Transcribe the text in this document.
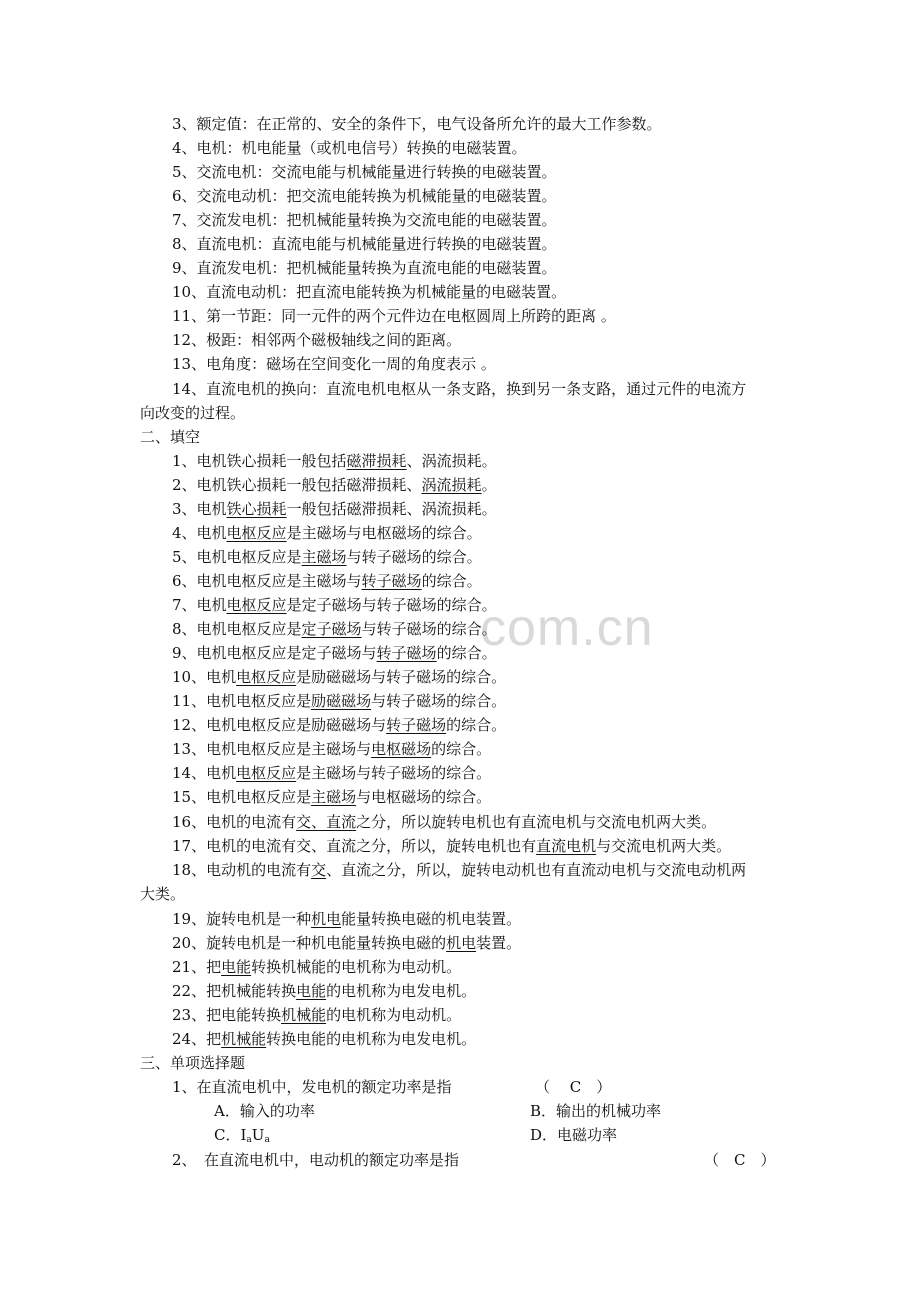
com.cn
3、额定值：在正常的、安全的条件下，电气设备所允许的最大工作参数。
4、电机：机电能量（或机电信号）转换的电磁装置。
5、交流电机：交流电能与机械能量进行转换的电磁装置。
6、交流电动机：把交流电能转换为机械能量的电磁装置。
7、交流发电机：把机械能量转换为交流电能的电磁装置。
8、直流电机：直流电能与机械能量进行转换的电磁装置。
9、直流发电机：把机械能量转换为直流电能的电磁装置。
10、直流电动机：把直流电能转换为机械能量的电磁装置。
11、第一节距：同一元件的两个元件边在电枢圆周上所跨的距离 。
12、极距：相邻两个磁极轴线之间的距离。
13、电角度：磁场在空间变化一周的角度表示 。
14、直流电机的换向：直流电机电枢从一条支路，换到另一条支路，通过元件的电流方
向改变的过程。
二、填空
1、电机铁心损耗一般包括磁滞损耗、涡流损耗。
2、电机铁心损耗一般包括磁滞损耗、涡流损耗。
3、电机铁心损耗一般包括磁滞损耗、涡流损耗。
4、电机电枢反应是主磁场与电枢磁场的综合。
5、电机电枢反应是主磁场与转子磁场的综合。
6、电机电枢反应是主磁场与转子磁场的综合。
7、电机电枢反应是定子磁场与转子磁场的综合。
8、电机电枢反应是定子磁场与转子磁场的综合。
9、电机电枢反应是定子磁场与转子磁场的综合。
10、电机电枢反应是励磁磁场与转子磁场的综合。
11、电机电枢反应是励磁磁场与转子磁场的综合。
12、电机电枢反应是励磁磁场与转子磁场的综合。
13、电机电枢反应是主磁场与电枢磁场的综合。
14、电机电枢反应是主磁场与转子磁场的综合。
15、电机电枢反应是主磁场与电枢磁场的综合。
16、电机的电流有交、直流之分，所以旋转电机也有直流电机与交流电机两大类。
17、电机的电流有交、直流之分，所以，旋转电机也有直流电机与交流电机两大类。
18、电动机的电流有交、直流之分，所以，旋转电动机也有直流动电机与交流电动机两
大类。
19、旋转电机是一种机电能量转换电磁的机电装置。
20、旋转电机是一种机电能量转换电磁的机电装置。
21、把电能转换机械能的电机称为电动机。
22、把机械能转换电能的电机称为电发电机。
23、把电能转换机械能的电机称为电动机。
24、把机械能转换电能的电机称为电发电机。
三、单项选择题
1、在直流电机中，发电机的额定功率是指	（　 C　）
A．输入的功率	B．输出的机械功率
C．$I_aU_a$	D．电磁功率
2、　在直流电机中，电动机的额定功率是指	（　C　）
